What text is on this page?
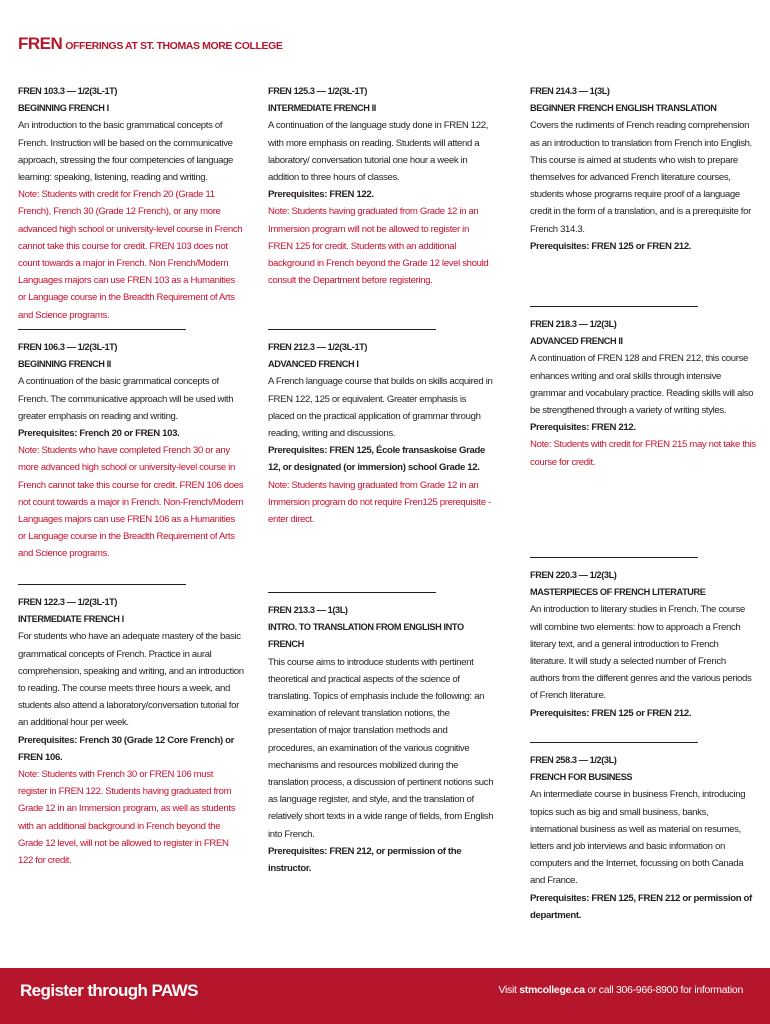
FREN OFFERINGS AT ST. THOMAS MORE COLLEGE
FREN 103.3 — 1/2(3L-1T)
BEGINNING FRENCH I
An introduction to the basic grammatical concepts of French. Instruction will be based on the communicative approach, stressing the four competencies of language learning: speaking, listening, reading and writing.
Note: Students with credit for French 20 (Grade 11 French), French 30 (Grade 12 French), or any more advanced high school or university-level course in French cannot take this course for credit. FREN 103 does not count towards a major in French. Non French/Modern Languages majors can use FREN 103 as a Humanities or Language course in the Breadth Requirement of Arts and Science programs.
FREN 106.3 — 1/2(3L-1T)
BEGINNING FRENCH II
A continuation of the basic grammatical concepts of French. The communicative approach will be used with greater emphasis on reading and writing.
Prerequisites: French 20 or FREN 103.
Note: Students who have completed French 30 or any more advanced high school or university-level course in French cannot take this course for credit. FREN 106 does not count towards a major in French. Non-French/Modern Languages majors can use FREN 106 as a Humanities or Language course in the Breadth Requirement of Arts and Science programs.
FREN 122.3 — 1/2(3L-1T)
INTERMEDIATE FRENCH I
For students who have an adequate mastery of the basic grammatical concepts of French. Practice in aural comprehension, speaking and writing, and an introduction to reading. The course meets three hours a week, and students also attend a laboratory/conversation tutorial for an additional hour per week.
Prerequisites: French 30 (Grade 12 Core French) or FREN 106.
Note: Students with French 30 or FREN 106 must register in FREN 122. Students having graduated from Grade 12 in an Immersion program, as well as students with an additional background in French beyond the Grade 12 level, will not be allowed to register in FREN 122 for credit.
FREN 125.3 — 1/2(3L-1T)
INTERMEDIATE FRENCH II
A continuation of the language study done in FREN 122, with more emphasis on reading. Students will attend a laboratory/ conversation tutorial one hour a week in addition to three hours of classes.
Prerequisites: FREN 122.
Note: Students having graduated from Grade 12 in an Immersion program will not be allowed to register in FREN 125 for credit. Students with an additional background in French beyond the Grade 12 level should consult the Department before registering.
FREN 212.3 — 1/2(3L-1T)
ADVANCED FRENCH I
A French language course that builds on skills acquired in FREN 122, 125 or equivalent. Greater emphasis is placed on the practical application of grammar through reading, writing and discussions.
Prerequisites: FREN 125, École fransaskoise Grade 12, or designated (or immersion) school Grade 12.
Note: Students having graduated from Grade 12 in an Immersion program do not require Fren125 prerequisite - enter direct.
FREN 213.3 — 1(3L)
INTRO. TO TRANSLATION FROM ENGLISH INTO FRENCH
This course aims to introduce students with pertinent theoretical and practical aspects of the science of translating. Topics of emphasis include the following: an examination of relevant translation notions, the presentation of major translation methods and procedures, an examination of the various cognitive mechanisms and resources mobilized during the translation process, a discussion of pertinent notions such as language register, and style, and the translation of relatively short texts in a wide range of fields, from English into French.
Prerequisites: FREN 212, or permission of the instructor.
FREN 214.3 — 1(3L)
BEGINNER FRENCH ENGLISH TRANSLATION
Covers the rudiments of French reading comprehension as an introduction to translation from French into English. This course is aimed at students who wish to prepare themselves for advanced French literature courses, students whose programs require proof of a language credit in the form of a translation, and is a prerequisite for French 314.3.
Prerequisites: FREN 125 or FREN 212.
FREN 218.3 — 1/2(3L)
ADVANCED FRENCH II
A continuation of FREN 128 and FREN 212, this course enhances writing and oral skills through intensive grammar and vocabulary practice. Reading skills will also be strengthened through a variety of writing styles.
Prerequisites: FREN 212.
Note: Students with credit for FREN 215 may not take this course for credit.
FREN 220.3 — 1/2(3L)
MASTERPIECES OF FRENCH LITERATURE
An introduction to literary studies in French. The course will combine two elements: how to approach a French literary text, and a general introduction to French literature. It will study a selected number of French authors from the different genres and the various periods of French literature.
Prerequisites: FREN 125 or FREN 212.
FREN 258.3 — 1/2(3L)
FRENCH FOR BUSINESS
An intermediate course in business French, introducing topics such as big and small business, banks, international business as well as material on resumes, letters and job interviews and basic information on computers and the Internet, focussing on both Canada and France.
Prerequisites: FREN 125, FREN 212 or permission of department.
Register through PAWS	Visit stmcollege.ca or call 306-966-8900 for information
